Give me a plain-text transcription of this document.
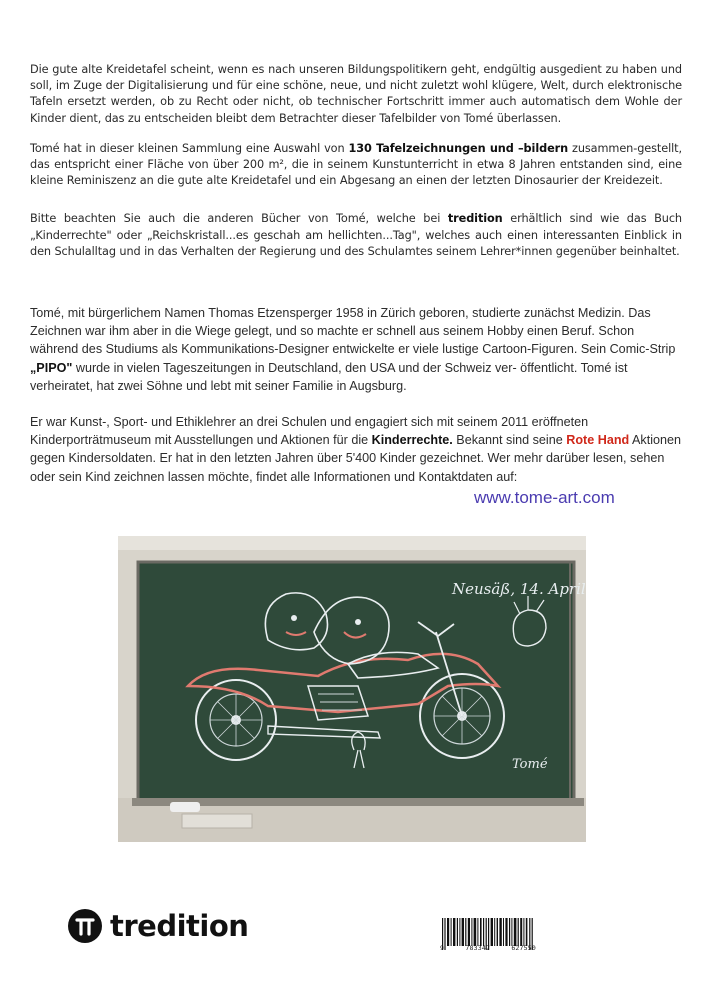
Die gute alte Kreidetafel scheint, wenn es nach unseren Bildungspolitikern geht, endgültig ausgedient zu haben und soll, im Zuge der Digitalisierung und für eine schöne, neue, und nicht zuletzt wohl klügere, Welt, durch elektronische Tafeln ersetzt werden, ob zu Recht oder nicht, ob technischer Fortschritt immer auch automatisch dem Wohle der Kinder dient, das zu entscheiden bleibt dem Betrachter dieser Tafelbilder von Tomé überlassen.

Tomé hat in dieser kleinen Sammlung eine Auswahl von 130 Tafelzeichnungen und –bildern zusammen-gestellt, das entspricht einer Fläche von über 200 m², die in seinem Kunstunterricht in etwa 8 Jahren entstanden sind, eine kleine Reminiszenz an die gute alte Kreidetafel und ein Abgesang an einen der letzten Dinosaurier der Kreidezeit.

Bitte beachten Sie auch die anderen Bücher von Tomé, welche bei tredition erhältlich sind wie das Buch „Kinderrechte" oder „Reichskristall...es geschah am hellichten...Tag", welches auch einen interessanten Einblick in den Schulalltag und in das Verhalten der Regierung und des Schulamtes seinem Lehrer*innen gegenüber beinhaltet.

Tomé, mit bürgerlichem Namen Thomas Etzensperger 1958 in Zürich geboren, studierte zunächst Medizin. Das Zeichnen war ihm aber in die Wiege gelegt, und so machte er schnell aus seinem Hobby einen Beruf. Schon während des Studiums als Kommunikations-Designer entwickelte er viele lustige Cartoon-Figuren. Sein Comic-Strip „PIPO" wurde in vielen Tageszeitungen in Deutschland, den USA und der Schweiz ver- öffentlicht. Tomé ist verheiratet, hat zwei Söhne und lebt mit seiner Familie in Augsburg.

Er war Kunst-, Sport- und Ethiklehrer an drei Schulen und engagiert sich mit seinem 2011 eröffneten Kinderporträtmuseum mit Ausstellungen und Aktionen für die Kinderrechte. Bekannt sind seine Rote Hand Aktionen gegen Kindersoldaten. Er hat in den letzten Jahren über 5'400 Kinder gezeichnet. Wer mehr darüber lesen, sehen oder sein Kind zeichnen lassen möchte, findet alle Informationen und Kontaktdaten auf:

www.tome-art.com
Neusäß, 14. April
Tomé
tredition
9	783347	627550
